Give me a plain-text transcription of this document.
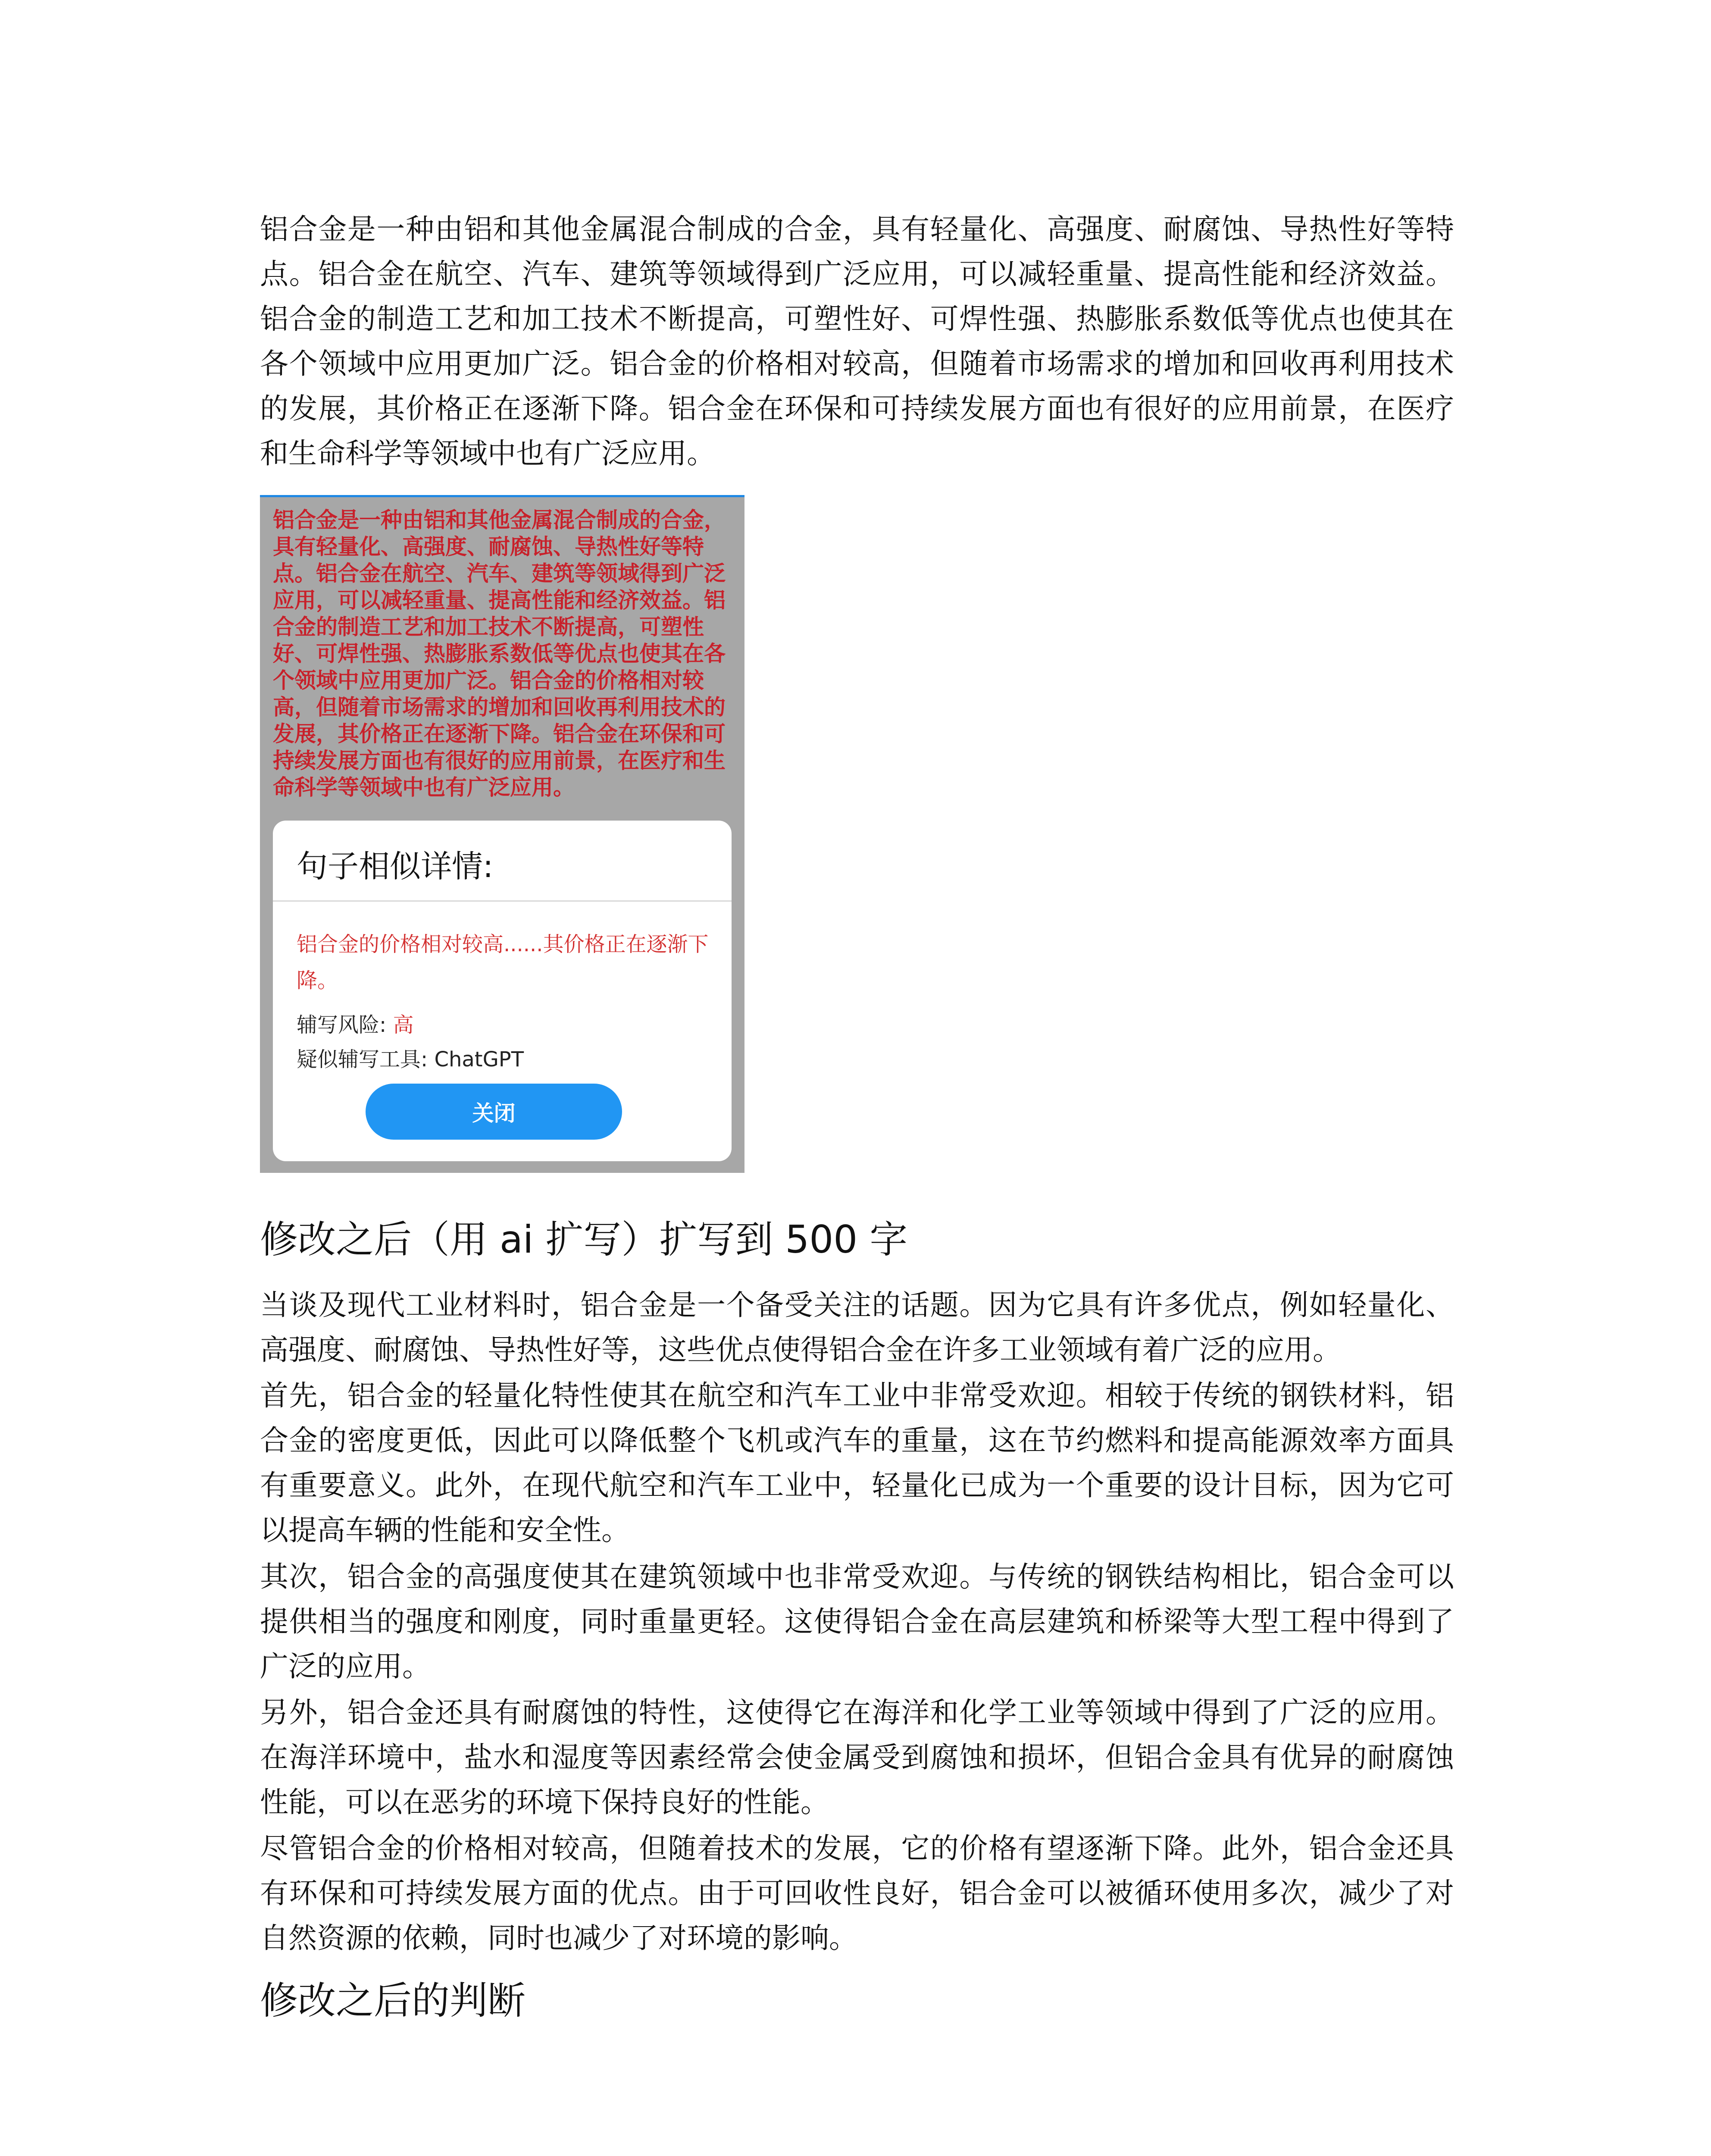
铝合金是一种由铝和其他金属混合制成的合金，具有轻量化、高强度、耐腐蚀、导热性好等特点。铝合金在航空、汽车、建筑等领域得到广泛应用，可以减轻重量、提高性能和经济效益。铝合金的制造工艺和加工技术不断提高，可塑性好、可焊性强、热膨胀系数低等优点也使其在各个领域中应用更加广泛。铝合金的价格相对较高，但随着市场需求的增加和回收再利用技术的发展，其价格正在逐渐下降。铝合金在环保和可持续发展方面也有很好的应用前景，在医疗和生命科学等领域中也有广泛应用。

铝合金是一种由铝和其他金属混合制成的合金，具有轻量化、高强度、耐腐蚀、导热性好等特点。铝合金在航空、汽车、建筑等领域得到广泛应用，可以减轻重量、提高性能和经济效益。铝合金的制造工艺和加工技术不断提高，可塑性好、可焊性强、热膨胀系数低等优点也使其在各个领域中应用更加广泛。铝合金的价格相对较高，但随着市场需求的增加和回收再利用技术的发展，其价格正在逐渐下降。铝合金在环保和可持续发展方面也有很好的应用前景，在医疗和生命科学等领域中也有广泛应用。

句子相似详情:

铝合金的价格相对较高......其价格正在逐渐下降。

辅写风险: 高

疑似辅写工具: ChatGPT

关闭
修改之后（用 ai 扩写）扩写到 500 字

当谈及现代工业材料时，铝合金是一个备受关注的话题。因为它具有许多优点，例如轻量化、高强度、耐腐蚀、导热性好等，这些优点使得铝合金在许多工业领域有着广泛的应用。

首先，铝合金的轻量化特性使其在航空和汽车工业中非常受欢迎。相较于传统的钢铁材料，铝合金的密度更低，因此可以降低整个飞机或汽车的重量，这在节约燃料和提高能源效率方面具有重要意义。此外，在现代航空和汽车工业中，轻量化已成为一个重要的设计目标，因为它可以提高车辆的性能和安全性。

其次，铝合金的高强度使其在建筑领域中也非常受欢迎。与传统的钢铁结构相比，铝合金可以提供相当的强度和刚度，同时重量更轻。这使得铝合金在高层建筑和桥梁等大型工程中得到了广泛的应用。

另外，铝合金还具有耐腐蚀的特性，这使得它在海洋和化学工业等领域中得到了广泛的应用。在海洋环境中，盐水和湿度等因素经常会使金属受到腐蚀和损坏，但铝合金具有优异的耐腐蚀性能，可以在恶劣的环境下保持良好的性能。

尽管铝合金的价格相对较高，但随着技术的发展，它的价格有望逐渐下降。此外，铝合金还具有环保和可持续发展方面的优点。由于可回收性良好，铝合金可以被循环使用多次，减少了对自然资源的依赖，同时也减少了对环境的影响。

修改之后的判断
